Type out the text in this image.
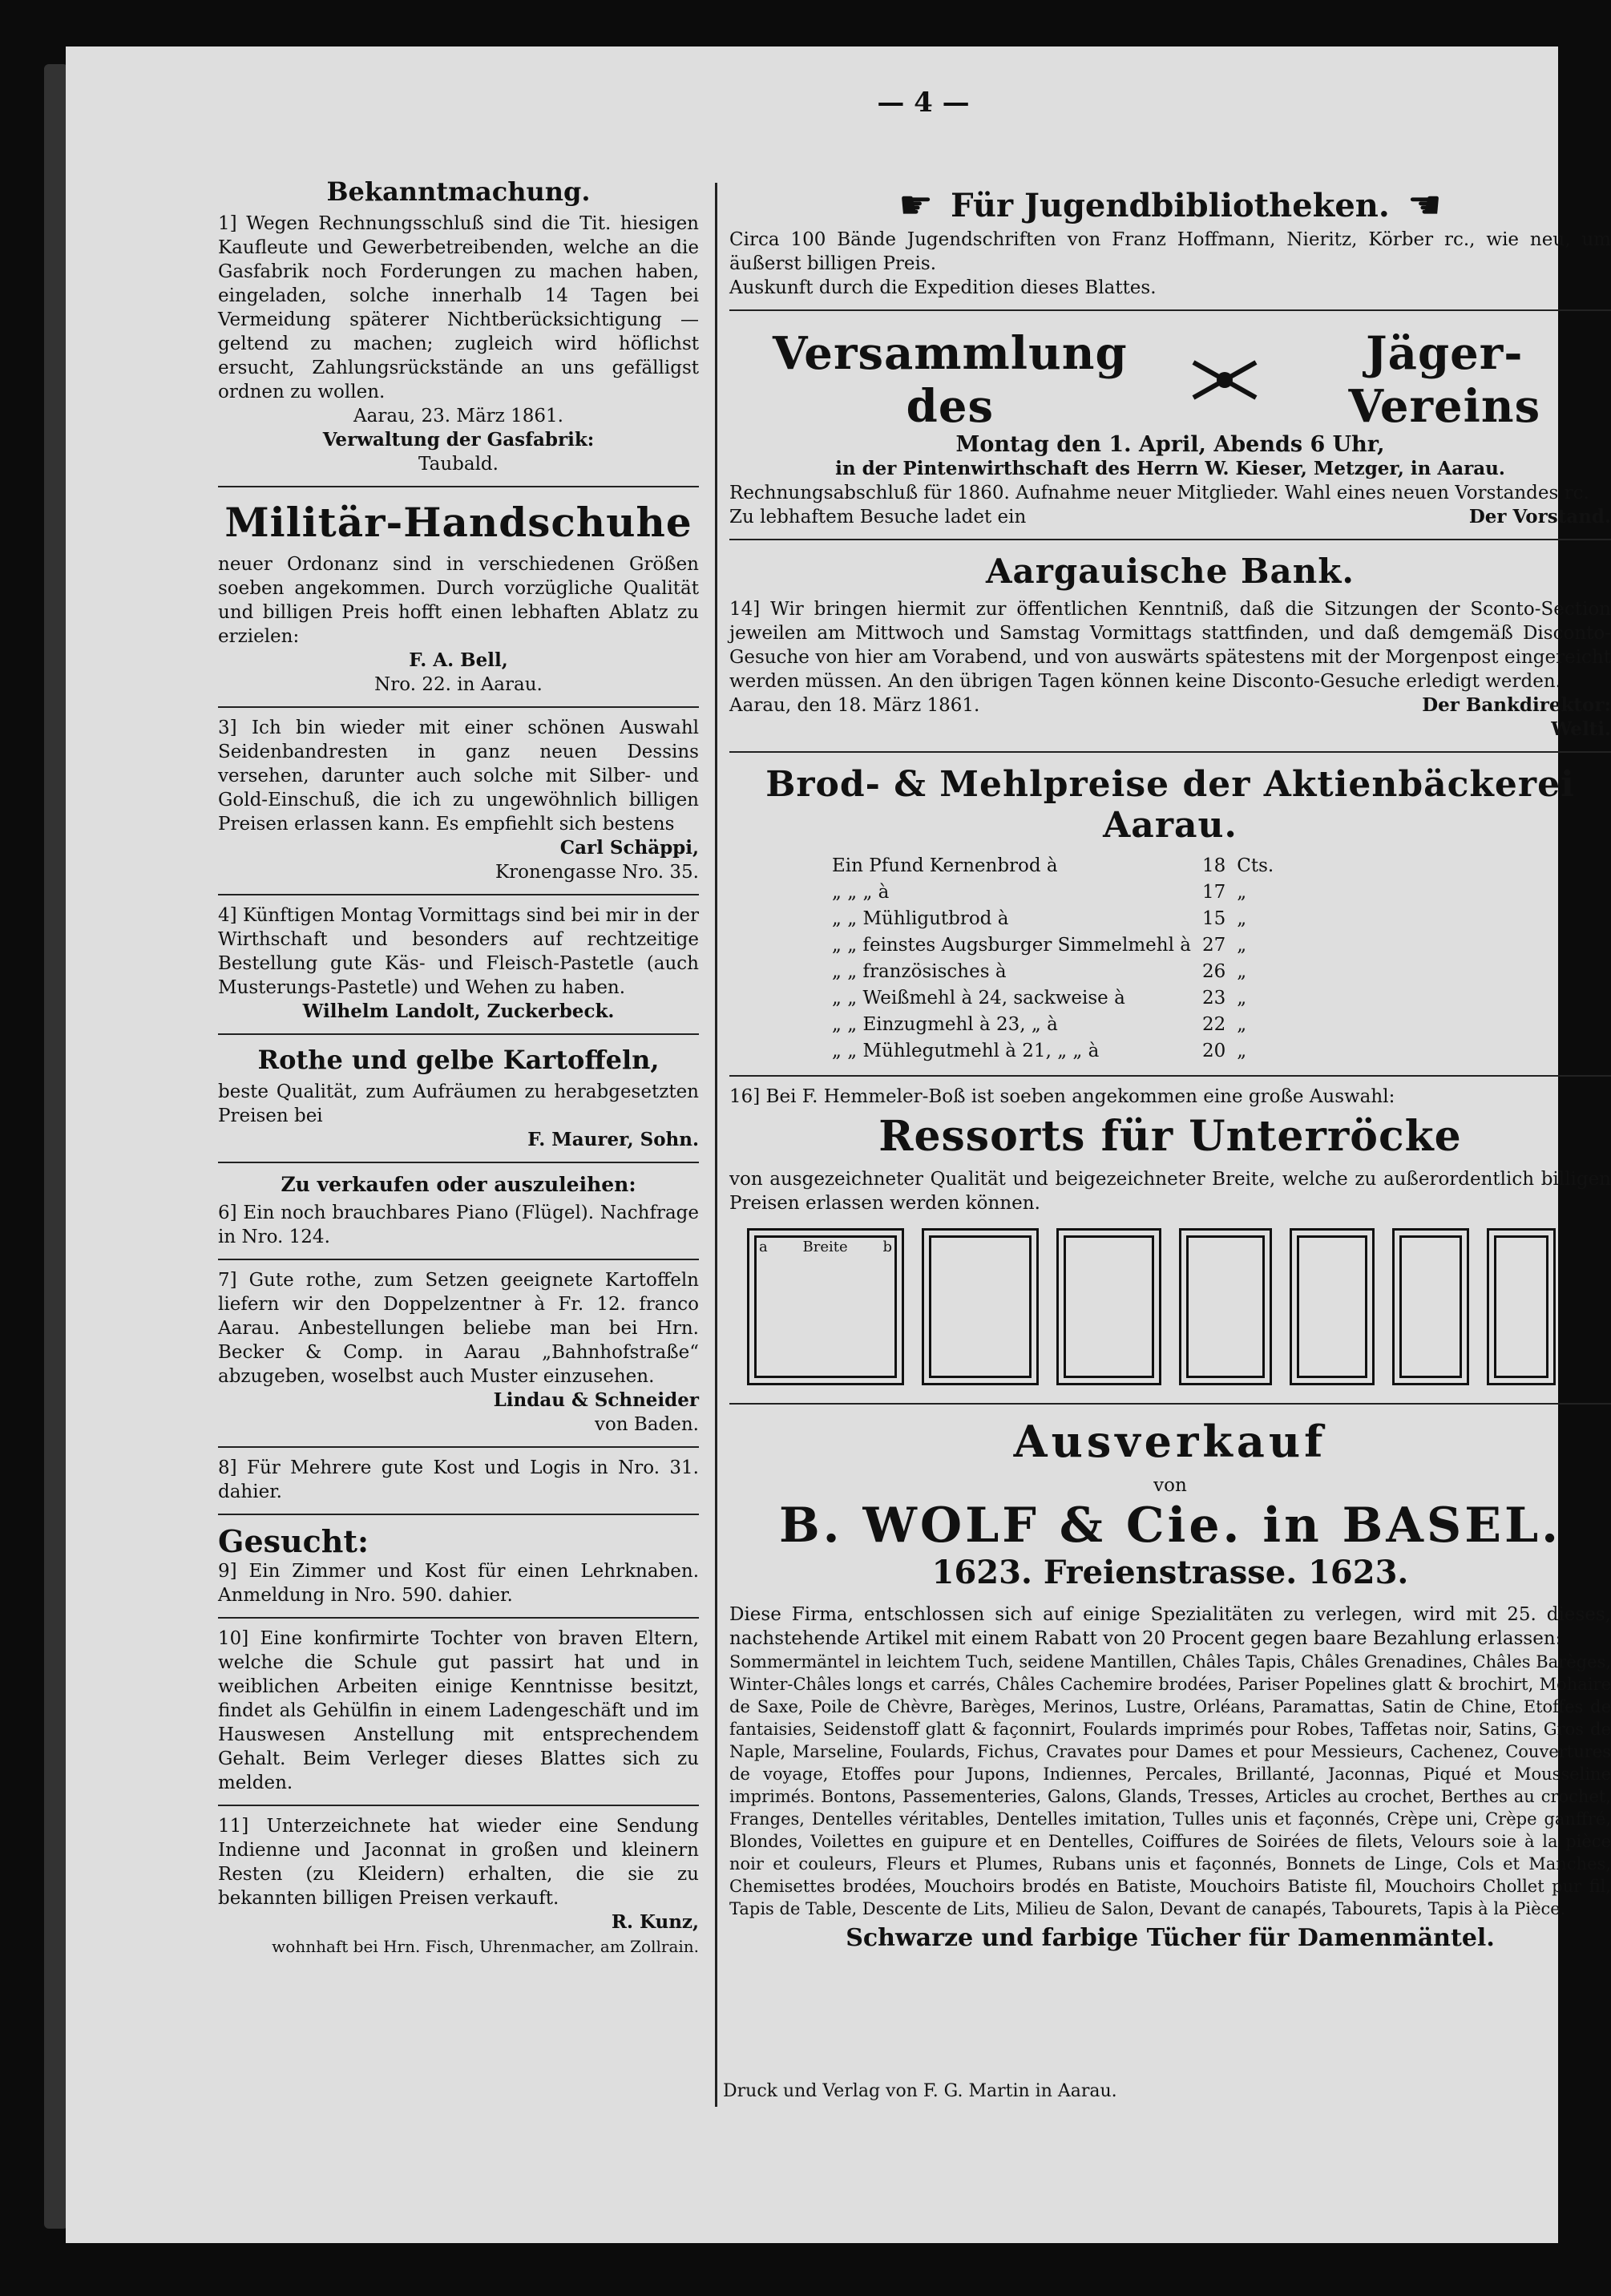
— 4 —
Bekanntmachung.

1] Wegen Rechnungsschluß sind die Tit. hiesigen Kaufleute und Gewerbetreibenden, welche an die Gasfabrik noch Forderungen zu machen haben, eingeladen, solche innerhalb 14 Tagen bei Vermeidung späterer Nichtberücksichtigung — geltend zu machen; zugleich wird höflichst ersucht, Zahlungsrückstände an uns gefälligst ordnen zu wollen.

Aarau, 23. März 1861.
Verwaltung der Gasfabrik:
Taubald.
Militär-Handschuhe

neuer Ordonanz sind in verschiedenen Größen soeben angekommen. Durch vorzügliche Qualität und billigen Preis hofft einen lebhaften Ablatz zu erzielen:

F. A. Bell,
Nro. 22. in Aarau.

3] Ich bin wieder mit einer schönen Auswahl Seidenbandresten in ganz neuen Dessins versehen, darunter auch solche mit Silber- und Gold-Einschuß, die ich zu ungewöhnlich billigen Preisen erlassen kann. Es empfiehlt sich bestens

Carl Schäppi,
Kronengasse Nro. 35.

4] Künftigen Montag Vormittags sind bei mir in der Wirthschaft und besonders auf rechtzeitige Bestellung gute Käs- und Fleisch-Pastetle (auch Musterungs-Pastetle) und Wehen zu haben.

Wilhelm Landolt, Zuckerbeck.
Rothe und gelbe Kartoffeln,

beste Qualität, zum Aufräumen zu herabgesetzten Preisen bei

F. Maurer, Sohn.
Zu verkaufen oder auszuleihen:

6] Ein noch brauchbares Piano (Flügel). Nachfrage in Nro. 124.

7] Gute rothe, zum Setzen geeignete Kartoffeln liefern wir den Doppelzentner à Fr. 12. franco Aarau. Anbestellungen beliebe man bei Hrn. Becker & Comp. in Aarau „Bahnhofstraße“ abzugeben, woselbst auch Muster einzusehen.

Lindau & Schneider
von Baden.

8] Für Mehrere gute Kost und Logis in Nro. 31. dahier.

Gesucht:

9] Ein Zimmer und Kost für einen Lehrknaben. Anmeldung in Nro. 590. dahier.

10] Eine konfirmirte Tochter von braven Eltern, welche die Schule gut passirt hat und in weiblichen Arbeiten einige Kenntnisse besitzt, findet als Gehülfin in einem Ladengeschäft und im Hauswesen Anstellung mit entsprechendem Gehalt. Beim Verleger dieses Blattes sich zu melden.

11] Unterzeichnete hat wieder eine Sendung Indienne und Jaconnat in großen und kleinern Resten (zu Kleidern) erhalten, die sie zu bekannten billigen Preisen verkauft.

R. Kunz,
wohnhaft bei Hrn. Fisch, Uhrenmacher, am Zollrain.
☛ Für Jugendbibliotheken. ☚

Circa 100 Bände Jugendschriften von Franz Hoffmann, Nieritz, Körber rc., wie neu, um äußerst billigen Preis.

Auskunft durch die Expedition dieses Blattes.

Versammlung des
Jäger-Vereins
Montag den 1. April, Abends 6 Uhr,
in der Pintenwirthschaft des Herrn W. Kieser, Metzger, in Aarau.

Rechnungsabschluß für 1860. Aufnahme neuer Mitglieder. Wahl eines neuen Vorstandes rc.

Zu lebhaftem Besuche ladet ein	Der Vorstand.
Aargauische Bank.

14] Wir bringen hiermit zur öffentlichen Kenntniß, daß die Sitzungen der Sconto-Section jeweilen am Mittwoch und Samstag Vormittags stattfinden, und daß demgemäß Disconto-Gesuche von hier am Vorabend, und von auswärts spätestens mit der Morgenpost eingereicht werden müssen. An den übrigen Tagen können keine Disconto-Gesuche erledigt werden.

Aarau, den 18. März 1861.	Der Bankdirektor:
Welti.
Brod- & Mehlpreise der Aktienbäckerei Aarau.
Ein Pfund Kernenbrod à	18	Cts.
„ „ „ à	17	„
„ „ Mühligutbrod à	15	„
„ „ feinstes Augsburger Simmelmehl à	27	„
„ „ französisches à	26	„
„ „ Weißmehl à 24, sackweise à	23	„
„ „ Einzugmehl à 23, „ à	22	„
„ „ Mühlegutmehl à 21, „ „ à	20	„

16] Bei F. Hemmeler-Boß ist soeben angekommen eine große Auswahl:

Ressorts für Unterröcke

von ausgezeichneter Qualität und beigezeichneter Breite, welche zu außerordentlich billigen Preisen erlassen werden können.

a Breite b
Ausverkauf
von
B. WOLF & Cie. in BASEL.
1623. Freienstrasse. 1623.

Diese Firma, entschlossen sich auf einige Spezialitäten zu verlegen, wird mit 25. dieses, nachstehende Artikel mit einem Rabatt von 20 Procent gegen baare Bezahlung erlassen:

Sommermäntel in leichtem Tuch, seidene Mantillen, Châles Tapis, Châles Grenadines, Châles Barèges, Winter-Châles longs et carrés, Châles Cachemire brodées, Pariser Popelines glatt & brochirt, Mohaire de Saxe, Poile de Chèvre, Barèges, Merinos, Lustre, Orléans, Paramattas, Satin de Chine, Etoffes de fantaisies, Seidenstoff glatt & façonnirt, Foulards imprimés pour Robes, Taffetas noir, Satins, Gros de Naple, Marseline, Foulards, Fichus, Cravates pour Dames et pour Messieurs, Cachenez, Couvertures de voyage, Etoffes pour Jupons, Indiennes, Percales, Brillanté, Jaconnas, Piqué et Mousseline imprimés. Bontons, Passementeries, Galons, Glands, Tresses, Articles au crochet, Berthes au crochet, Franges, Dentelles véritables, Dentelles imitation, Tulles unis et façonnés, Crèpe uni, Crèpe ganffré, Blondes, Voilettes en guipure et en Dentelles, Coiffures de Soirées de filets, Velours soie à la pièce noir et couleurs, Fleurs et Plumes, Rubans unis et façonnés, Bonnets de Linge, Cols et Manches, Chemisettes brodées, Mouchoirs brodés en Batiste, Mouchoirs Batiste fil, Mouchoirs Chollet pur fil, Tapis de Table, Descente de Lits, Milieu de Salon, Devant de canapés, Tabourets, Tapis à la Pièce.

Schwarze und farbige Tücher für Damenmäntel.
Druck und Verlag von F. G. Martin in Aarau.
